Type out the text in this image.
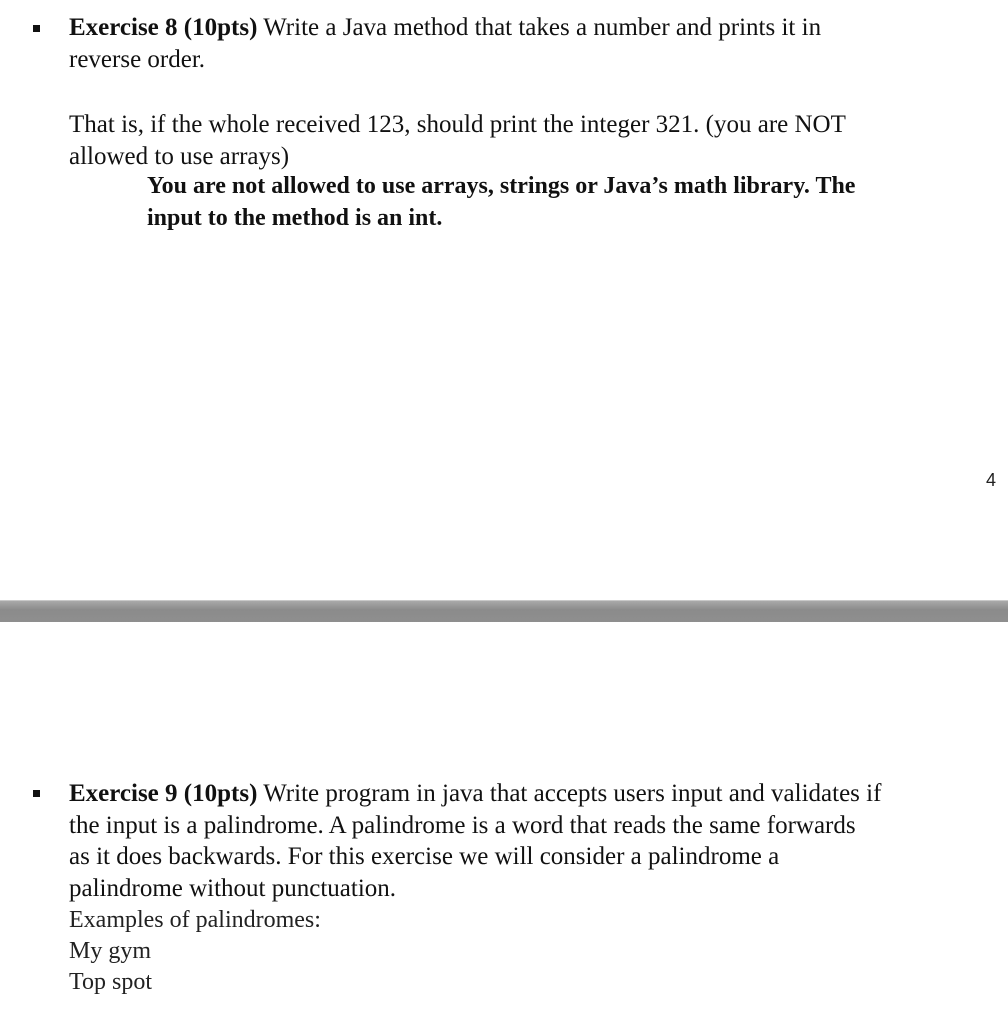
Exercise 8 (10pts) Write a Java method that takes a number and prints it in
reverse order.

That is, if the whole received 123, should print the integer 321. (you are NOT
allowed to use arrays)

You are not allowed to use arrays, strings or Java’s math library. The
input to the method is an int.

4

Exercise 9 (10pts) Write program in java that accepts users input and validates if
the input is a palindrome. A palindrome is a word that reads the same forwards
as it does backwards. For this exercise we will consider a palindrome a
palindrome without punctuation.

Examples of palindromes:
My gym
Top spot
